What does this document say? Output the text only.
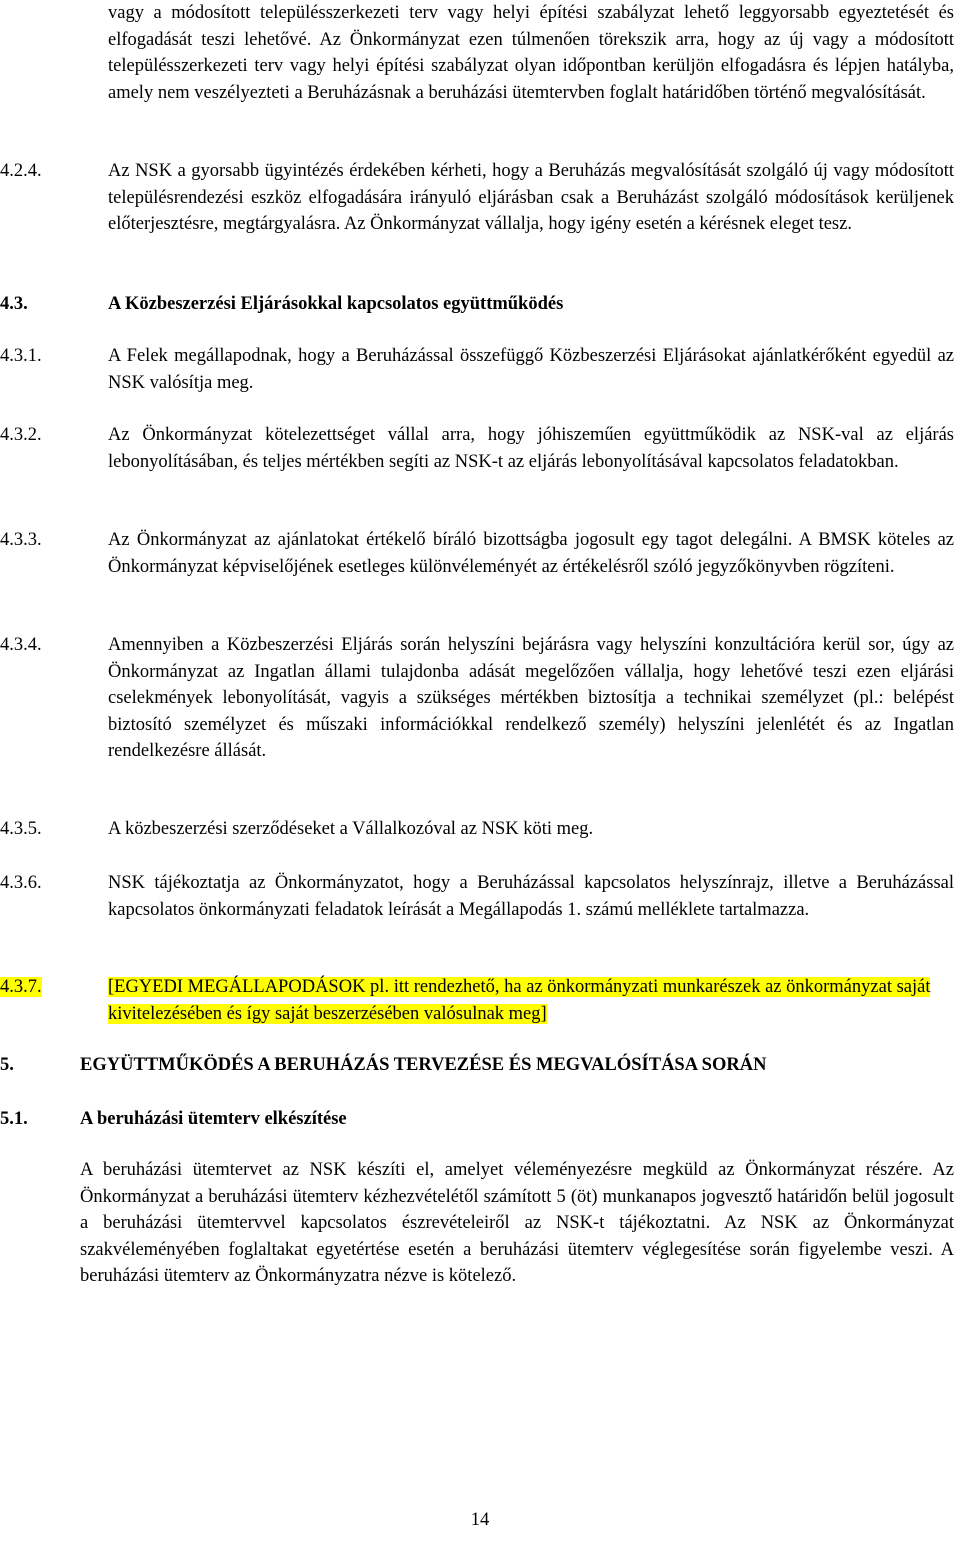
vagy a módosított településszerkezeti terv vagy helyi építési szabályzat lehető leggyorsabb egyeztetését és elfogadását teszi lehetővé. Az Önkormányzat ezen túlmenően törekszik arra, hogy az új vagy a módosított településszerkezeti terv vagy helyi építési szabályzat olyan időpontban kerüljön elfogadásra és lépjen hatályba, amely nem veszélyezteti a Beruházásnak a beruházási ütemtervben foglalt határidőben történő megvalósítását.
4.2.4.	Az NSK a gyorsabb ügyintézés érdekében kérheti, hogy a Beruházás megvalósítását szolgáló új vagy módosított településrendezési eszköz elfogadására irányuló eljárásban csak a Beruházást szolgáló módosítások kerüljenek előterjesztésre, megtárgyalásra. Az Önkormányzat vállalja, hogy igény esetén a kérésnek eleget tesz.
4.3.	A Közbeszerzési Eljárásokkal kapcsolatos együttműködés
4.3.1.	A Felek megállapodnak, hogy a Beruházással összefüggő Közbeszerzési Eljárásokat ajánlatkérőként egyedül az NSK valósítja meg.
4.3.2.	Az Önkormányzat kötelezettséget vállal arra, hogy jóhiszeműen együttműködik az NSK-val az eljárás lebonyolításában, és teljes mértékben segíti az NSK-t az eljárás lebonyolításával kapcsolatos feladatokban.
4.3.3.	Az Önkormányzat az ajánlatokat értékelő bíráló bizottságba jogosult egy tagot delegálni. A BMSK köteles az Önkormányzat képviselőjének esetleges különvéleményét az értékelésről szóló jegyzőkönyvben rögzíteni.
4.3.4.	Amennyiben a Közbeszerzési Eljárás során helyszíni bejárásra vagy helyszíni konzultációra kerül sor, úgy az Önkormányzat az Ingatlan állami tulajdonba adását megelőzően vállalja, hogy lehetővé teszi ezen eljárási cselekmények lebonyolítását, vagyis a szükséges mértékben biztosítja a technikai személyzet (pl.: belépést biztosító személyzet és műszaki információkkal rendelkező személy) helyszíni jelenlétét és az Ingatlan rendelkezésre állását.
4.3.5.	A közbeszerzési szerződéseket a Vállalkozóval az NSK köti meg.
4.3.6.	NSK tájékoztatja az Önkormányzatot, hogy a Beruházással kapcsolatos helyszínrajz, illetve a Beruházással kapcsolatos önkormányzati feladatok leírását a Megállapodás 1. számú melléklete tartalmazza.
4.3.7.	[EGYEDI MEGÁLLAPODÁSOK pl. itt rendezhető, ha az önkormányzati munkarészek az önkormányzat saját kivitelezésében és így saját beszerzésében valósulnak meg]
5.	EGYÜTTMŰKÖDÉS A BERUHÁZÁS TERVEZÉSE ÉS MEGVALÓSÍTÁSA SORÁN
5.1.	A beruházási ütemterv elkészítése
A beruházási ütemtervet az NSK készíti el, amelyet véleményezésre megküld az Önkormányzat részére. Az Önkormányzat a beruházási ütemterv kézhezvételétől számított 5 (öt) munkanapos jogvesztő határidőn belül jogosult a beruházási ütemtervvel kapcsolatos észrevételeiről az NSK-t tájékoztatni. Az NSK az Önkormányzat szakvéleményében foglaltakat egyetértése esetén a beruházási ütemterv véglegesítése során figyelembe veszi. A beruházási ütemterv az Önkormányzatra nézve is kötelező.
14
